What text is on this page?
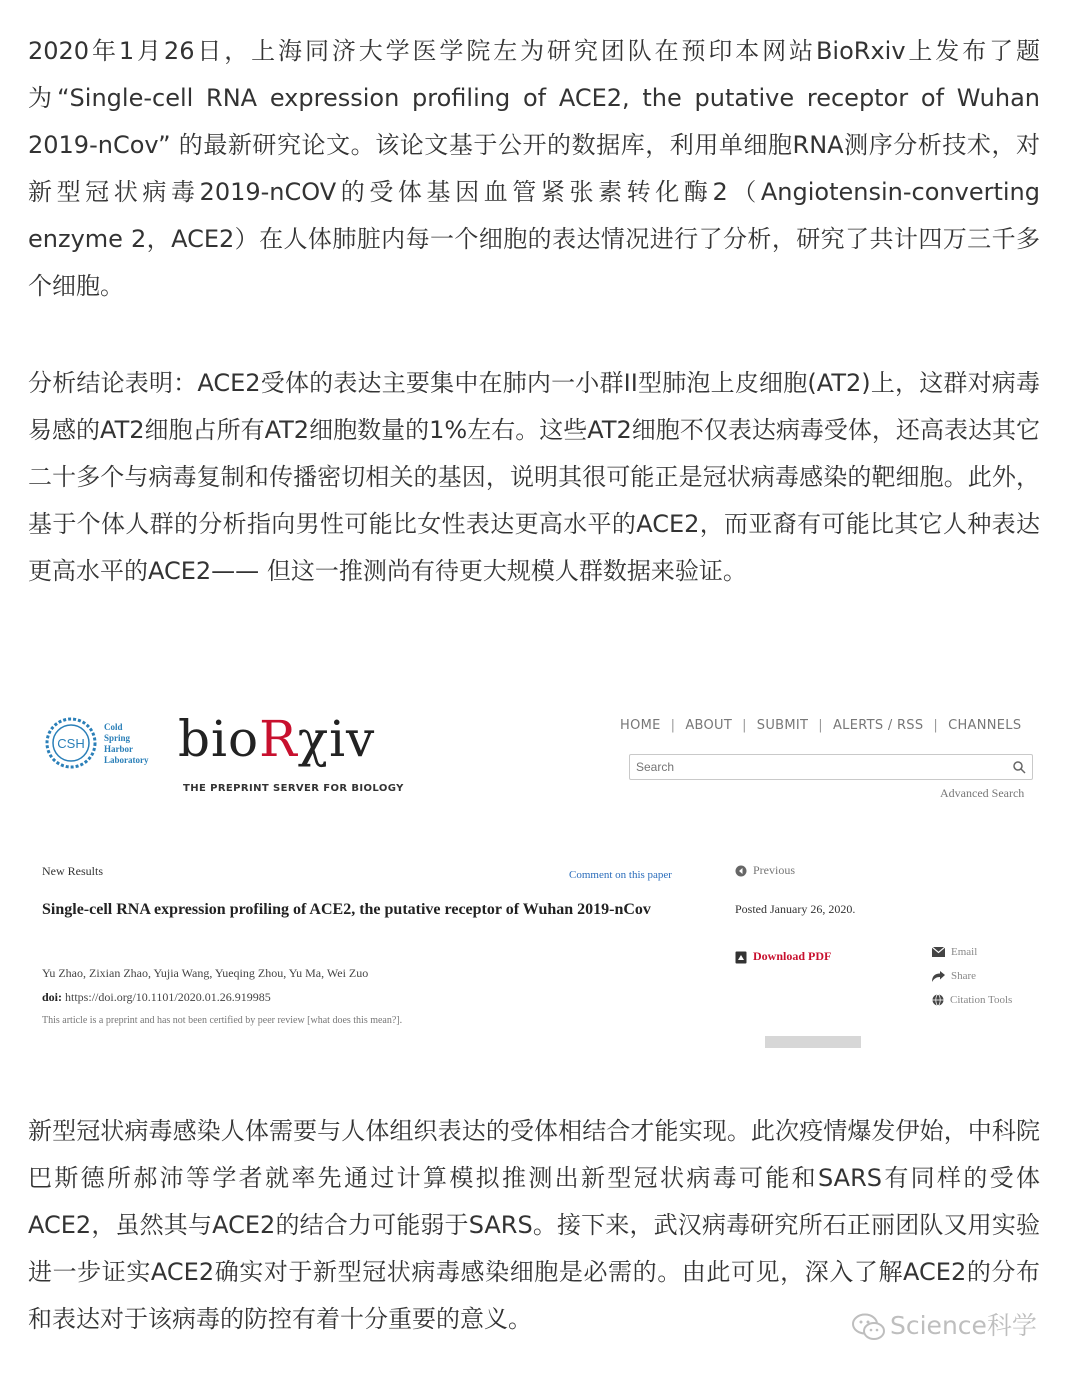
2020年1月26日，上海同济大学医学院左为研究团队在预印本网站BioRxiv上发布了题为“Single-cell RNA expression profiling of ACE2, the putative receptor of Wuhan 2019-nCov” 的最新研究论文。该论文基于公开的数据库，利用单细胞RNA测序分析技术，对新型冠状病毒2019-nCOV的受体基因血管紧张素转化酶2（Angiotensin-converting enzyme 2，ACE2）在人体肺脏内每一个细胞的表达情况进行了分析，研究了共计四万三千多个细胞。

分析结论表明：ACE2受体的表达主要集中在肺内一小群II型肺泡上皮细胞(AT2)上，这群对病毒易感的AT2细胞占所有AT2细胞数量的1%左右。这些AT2细胞不仅表达病毒受体，还高表达其它二十多个与病毒复制和传播密切相关的基因，说明其很可能正是冠状病毒感染的靶细胞。此外，基于个体人群的分析指向男性可能比女性表达更高水平的ACE2，而亚裔有可能比其它人种表达更高水平的ACE2—— 但这一推测尚有待更大规模人群数据来验证。

CSH
Cold
Spring
Harbor
Laboratory bioRχiv
THE PREPRINT SERVER FOR BIOLOGY
HOME | ABOUT | SUBMIT | ALERTS / RSS | CHANNELS
Search
Advanced Search
New Results	Comment on this paper
Single-cell RNA expression profiling of ACE2, the putative receptor of Wuhan 2019-nCov
Yu Zhao, Zixian Zhao, Yujia Wang, Yueqing Zhou, Yu Ma, Wei Zuo
doi: https://doi.org/10.1101/2020.01.26.919985
This article is a preprint and has not been certified by peer review [what does this mean?].
Previous
Posted January 26, 2020.
Download PDF	Email
Share
Citation Tools

新型冠状病毒感染人体需要与人体组织表达的受体相结合才能实现。此次疫情爆发伊始，中科院巴斯德所郝沛等学者就率先通过计算模拟推测出新型冠状病毒可能和SARS有同样的受体ACE2，虽然其与ACE2的结合力可能弱于SARS。接下来，武汉病毒研究所石正丽团队又用实验进一步证实ACE2确实对于新型冠状病毒感染细胞是必需的。由此可见，深入了解ACE2的分布和表达对于该病毒的防控有着十分重要的意义。	Science科学
